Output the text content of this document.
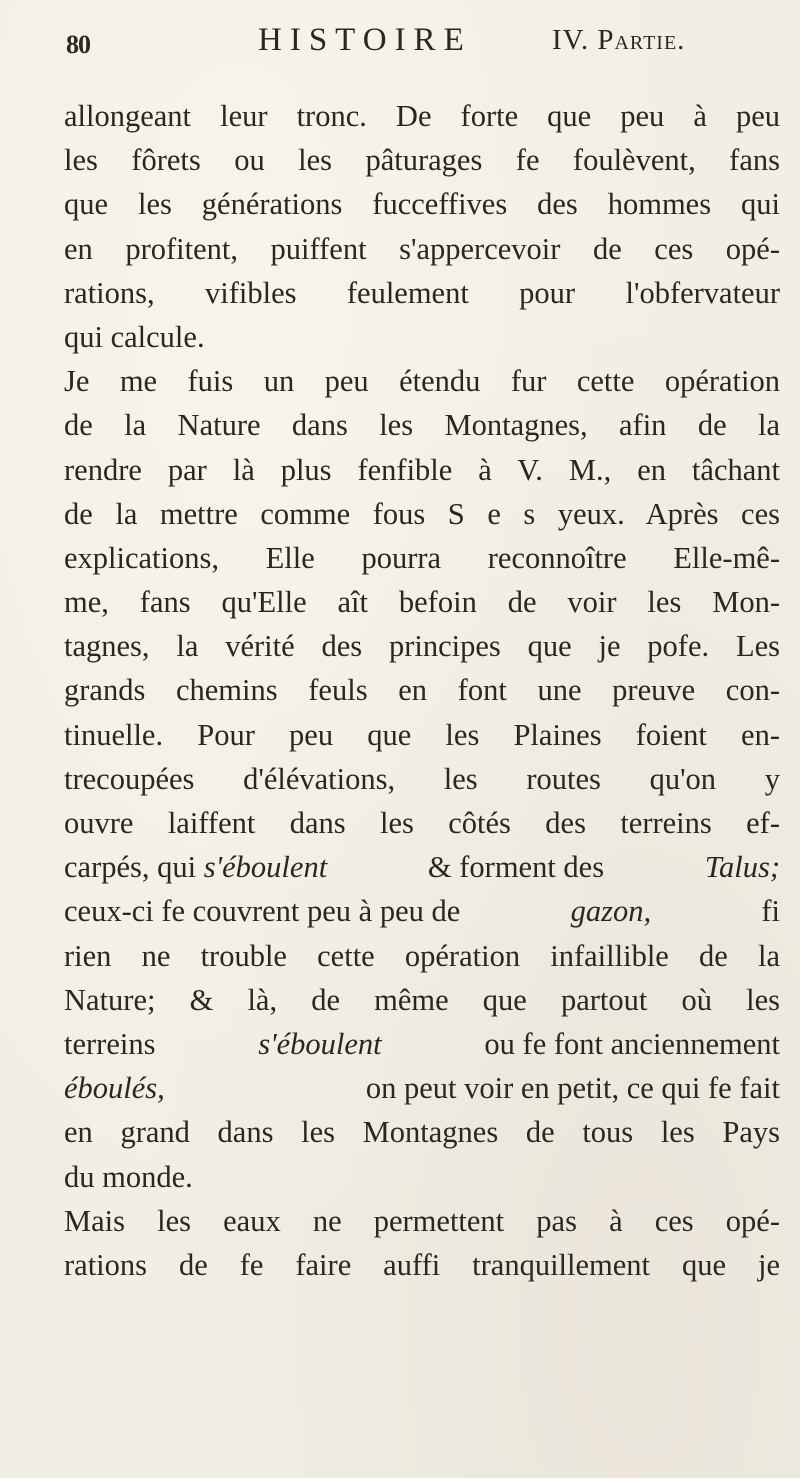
80	HISTOIRE	IV. Partie.
allongeant leur tronc. De forte que peu à peu
les fôrets ou les pâturages fe foulèvent, fans
que les générations fucceffives des hommes qui
en profitent, puiffent s'appercevoir de ces opé-
rations, vifibles feulement pour l'obfervateur
qui calcule.
Je me fuis un peu étendu fur cette opération
de la Nature dans les Montagnes, afin de la
rendre par là plus fenfible à V. M., en tâchant
de la mettre comme fous S e s yeux. Après ces
explications, Elle pourra reconnoître Elle-mê-
me, fans qu'Elle aît befoin de voir les Mon-
tagnes, la vérité des principes que je pofe. Les
grands chemins feuls en font une preuve con-
tinuelle. Pour peu que les Plaines foient en-
trecoupées d'élévations, les routes qu'on y
ouvre laiffent dans les côtés des terreins ef-
carpés, qui s'éboulent	& forment des	Talus;
ceux-ci fe couvrent peu à peu de	gazon,	fi
rien ne trouble cette opération infaillible de la
Nature; & là, de même que partout où les
terreins	s'éboulent	ou fe font anciennement
éboulés,	on peut voir en petit, ce qui fe fait
en grand dans les Montagnes de tous les Pays
du monde.
Mais les eaux ne permettent pas à ces opé-
rations de fe faire auffi tranquillement que je
